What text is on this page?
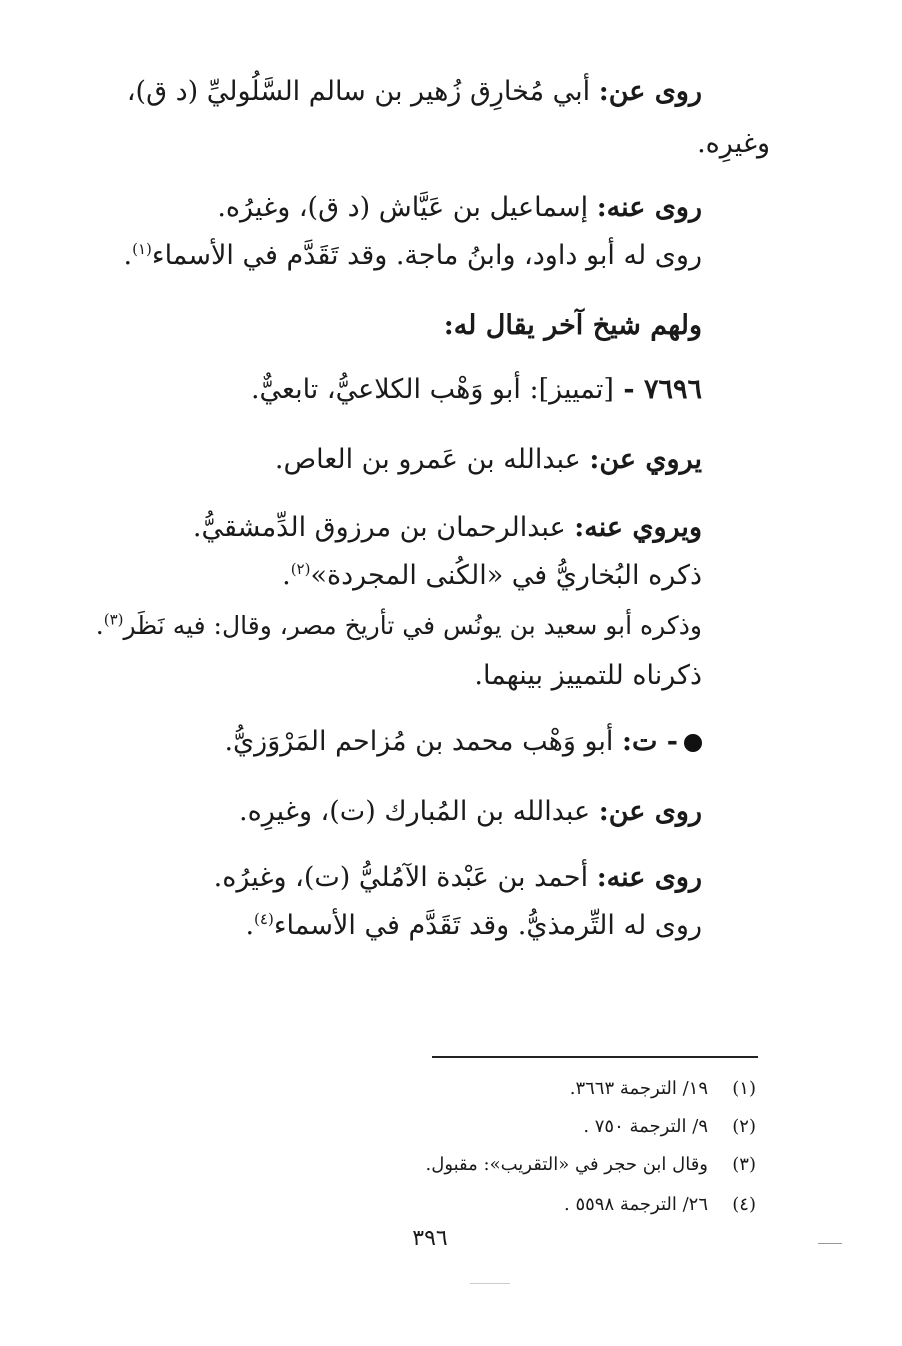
روى عن: أبي مُخارِق زُهير بن سالم السَّلُوليِّ (د ق)،
وغيرِه.
روى عنه: إسماعيل بن عَيَّاش (د ق)، وغيرُه.
روى له أبو داود، وابنُ ماجة. وقد تَقَدَّم في الأسماء$^{(١)}$.
ولهم شيخ آخر يقال له:
٧٦٩٦ - [تمييز]: أبو وَهْب الكلاعيُّ، تابعيٌّ.
يروي عن: عبدالله بن عَمرو بن العاص.
ويروي عنه: عبدالرحمان بن مرزوق الدِّمشقيُّ.
ذكره البُخاريُّ في «الكُنى المجردة»$^{(٢)}$.
وذكره أبو سعيد بن يونُس في تأريخ مصر، وقال: فيه نَظَر$^{(٣)}$.
ذكرناه للتمييز بينهما.
- ت: أبو وَهْب محمد بن مُزاحم المَرْوَزيُّ.
روى عن: عبدالله بن المُبارك (ت)، وغيرِه.
روى عنه: أحمد بن عَبْدة الآمُليُّ (ت)، وغيرُه.
روى له التِّرمذيُّ. وقد تَقَدَّم في الأسماء$^{(٤)}$.
(١)١٩/ الترجمة ٣٦٦٣.
(٢)٩/ الترجمة ٧٥٠ .
(٣)وقال ابن حجر في «التقريب»: مقبول.
(٤)٢٦/ الترجمة ٥٥٩٨ .
٣٩٦
